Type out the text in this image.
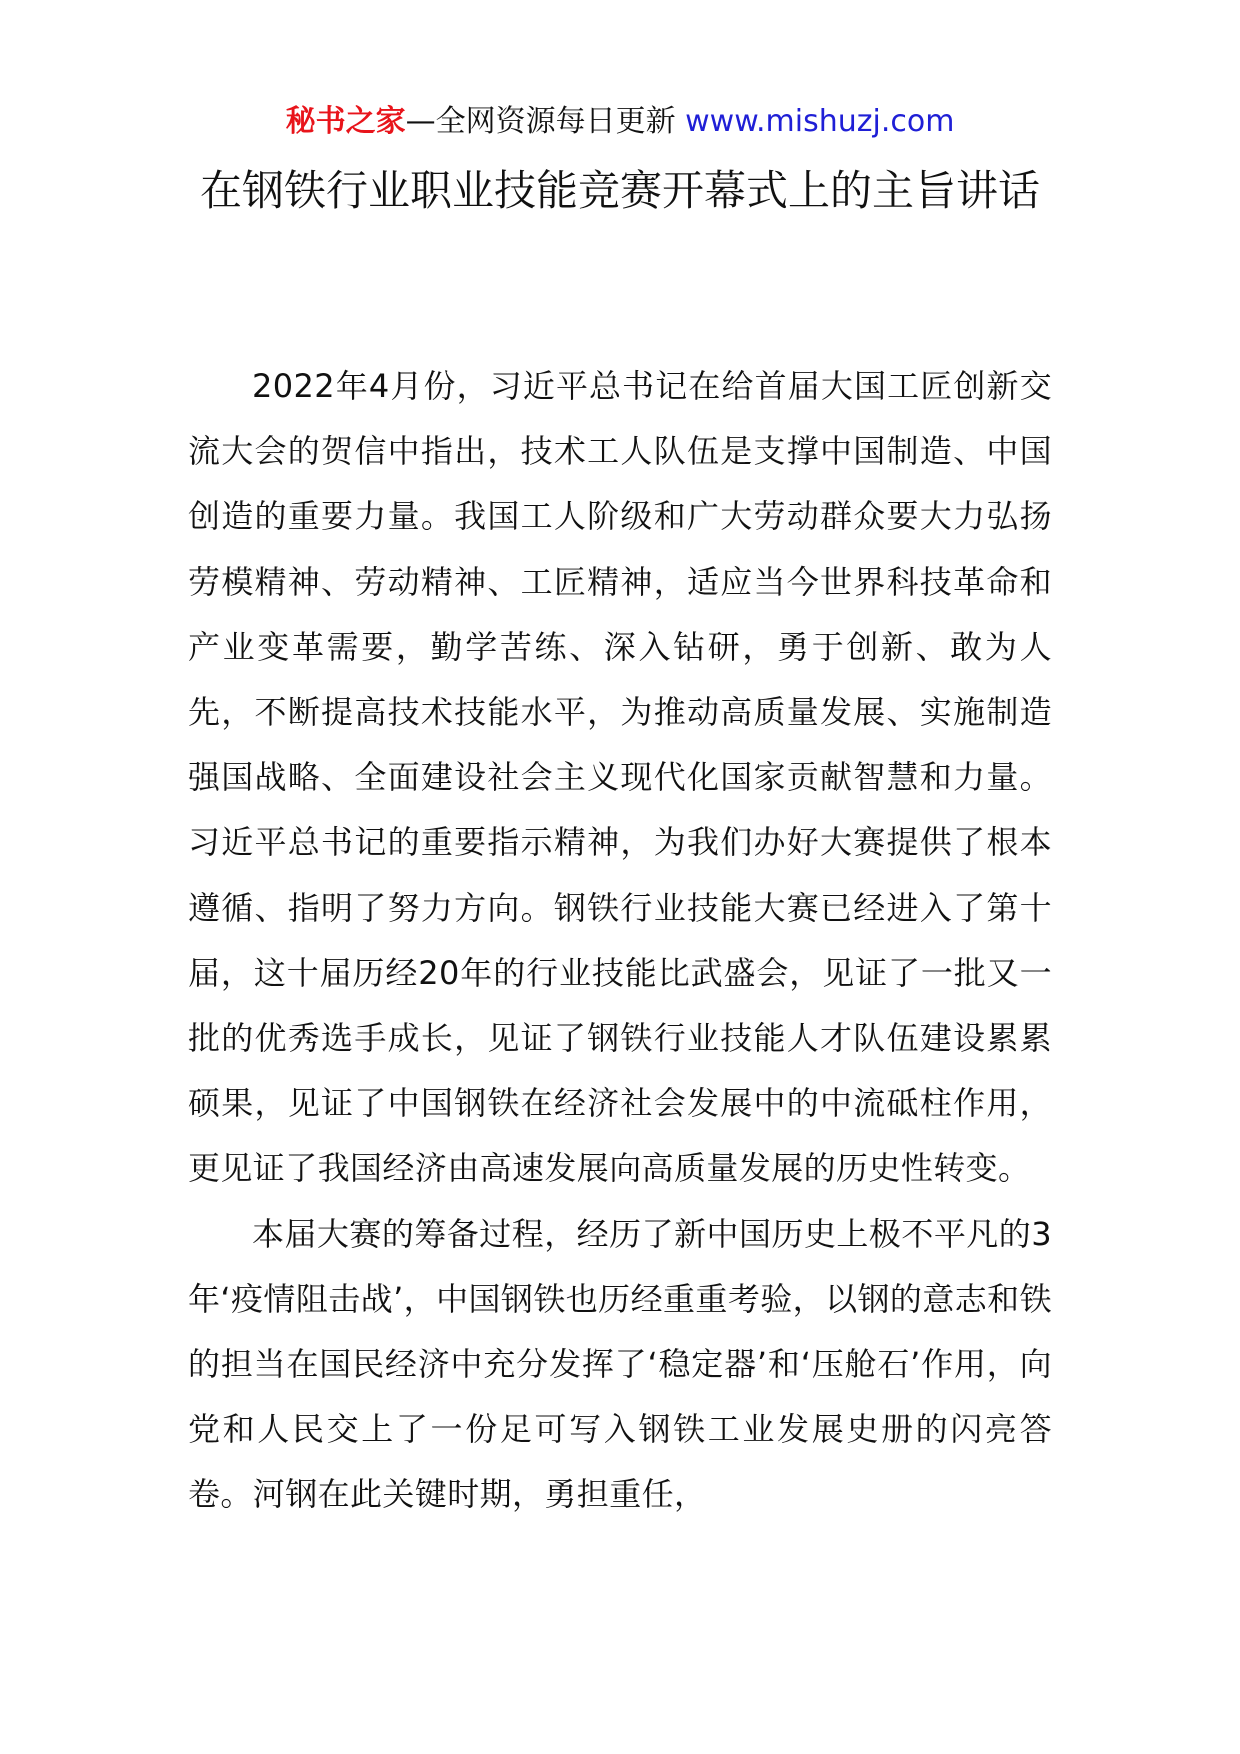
秘书之家—全网资源每日更新 www.mishuzj.com
在钢铁行业职业技能竞赛开幕式上的主旨讲话

2022年4月份，习近平总书记在给首届大国工匠创新交流大会的贺信中指出，技术工人队伍是支撑中国制造、中国创造的重要力量。我国工人阶级和广大劳动群众要大力弘扬劳模精神、劳动精神、工匠精神，适应当今世界科技革命和产业变革需要，勤学苦练、深入钻研，勇于创新、敢为人先，不断提高技术技能水平，为推动高质量发展、实施制造强国战略、全面建设社会主义现代化国家贡献智慧和力量。习近平总书记的重要指示精神，为我们办好大赛提供了根本遵循、指明了努力方向。钢铁行业技能大赛已经进入了第十届，这十届历经20年的行业技能比武盛会，见证了一批又一批的优秀选手成长，见证了钢铁行业技能人才队伍建设累累硕果，见证了中国钢铁在经济社会发展中的中流砥柱作用，更见证了我国经济由高速发展向高质量发展的历史性转变。

本届大赛的筹备过程，经历了新中国历史上极不平凡的3年‘疫情阻击战’，中国钢铁也历经重重考验，以钢的意志和铁的担当在国民经济中充分发挥了‘稳定器’和‘压舱石’作用，向党和人民交上了一份足可写入钢铁工业发展史册的闪亮答卷。河钢在此关键时期，勇担重任，
